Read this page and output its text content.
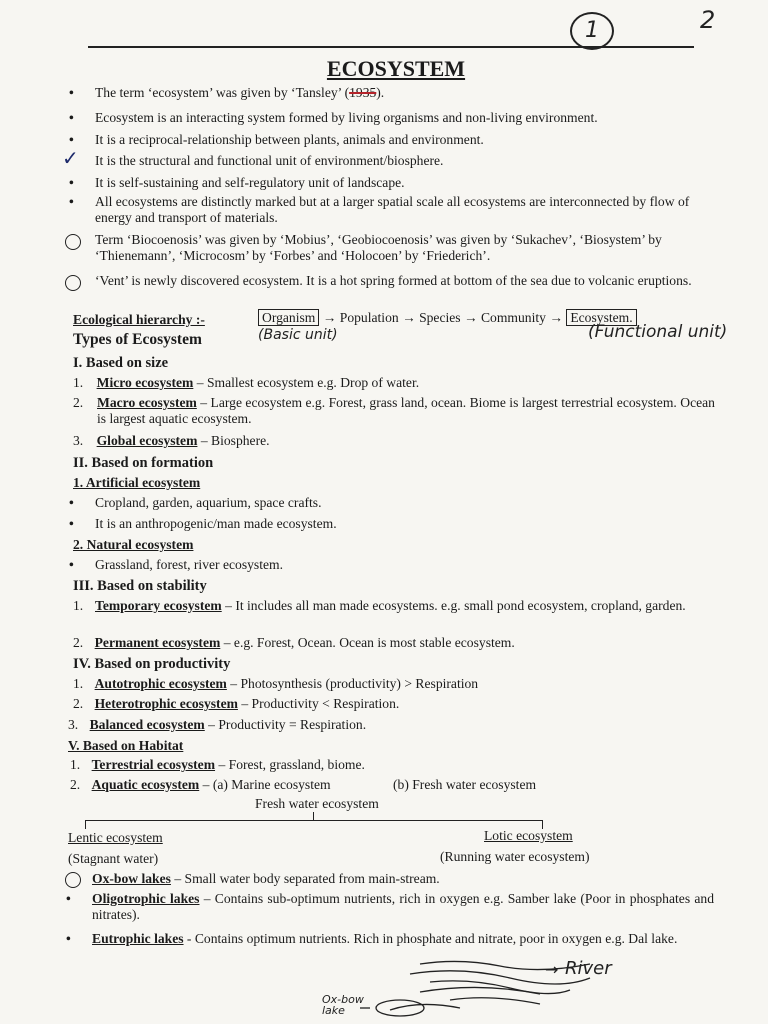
1	2
ECOSYSTEM
• The term ‘ecosystem’ was given by ‘Tansley’ (1935).
• Ecosystem is an interacting system formed by living organisms and non-living environment.
• It is a reciprocal-relationship between plants, animals and environment.
It is the structural and functional unit of environment/biosphere.
✓
• It is self-sustaining and self-regulatory unit of landscape.
• All ecosystems are distinctly marked but at a larger spatial scale all ecosystems are interconnected by flow of energy and transport of materials.
Term ‘Biocoenosis’ was given by ‘Mobius’, ‘Geobiocoenosis’ was given by ‘Sukachev’, ‘Biosystem’ by ‘Thienemann’, ‘Microcosm’ by ‘Forbes’ and ‘Holocoen’ by ‘Friederich’.
‘Vent’ is newly discovered ecosystem. It is a hot spring formed at bottom of the sea due to volcanic eruptions.
Ecological hierarchy :-	Organism → Population → Species → Community → Ecosystem.
(Basic unit)	(Functional unit)
Types of Ecosystem
I. Based on size
1. Micro ecosystem – Smallest ecosystem e.g. Drop of water.
2. Macro ecosystem – Large ecosystem e.g. Forest, grass land, ocean. Biome is largest terrestrial ecosystem. Ocean is largest aquatic ecosystem.
3. Global ecosystem – Biosphere.
II. Based on formation
1. Artificial ecosystem
• Cropland, garden, aquarium, space crafts.
• It is an anthropogenic/man made ecosystem.
2. Natural ecosystem
• Grassland, forest, river ecosystem.
III. Based on stability
1. Temporary ecosystem – It includes all man made ecosystems. e.g. small pond ecosystem, cropland, garden.
2. Permanent ecosystem – e.g. Forest, Ocean. Ocean is most stable ecosystem.
IV. Based on productivity
1. Autotrophic ecosystem – Photosynthesis (productivity) > Respiration
2. Heterotrophic ecosystem – Productivity < Respiration.
3. Balanced ecosystem – Productivity = Respiration.
V. Based on Habitat
1. Terrestrial ecosystem – Forest, grassland, biome.
2. Aquatic ecosystem – (a) Marine ecosystem	(b) Fresh water ecosystem
Fresh water ecosystem
Lentic ecosystem
(Stagnant water)
Lotic ecosystem
(Running water ecosystem)
Ox-bow lakes – Small water body separated from main-stream.
• Oligotrophic lakes – Contains sub-optimum nutrients, rich in oxygen e.g. Samber lake (Poor in phosphates and nitrates).
• Eutrophic lakes - Contains optimum nutrients. Rich in phosphate and nitrate, poor in oxygen e.g. Dal lake.
River
→
Ox-bow lake
